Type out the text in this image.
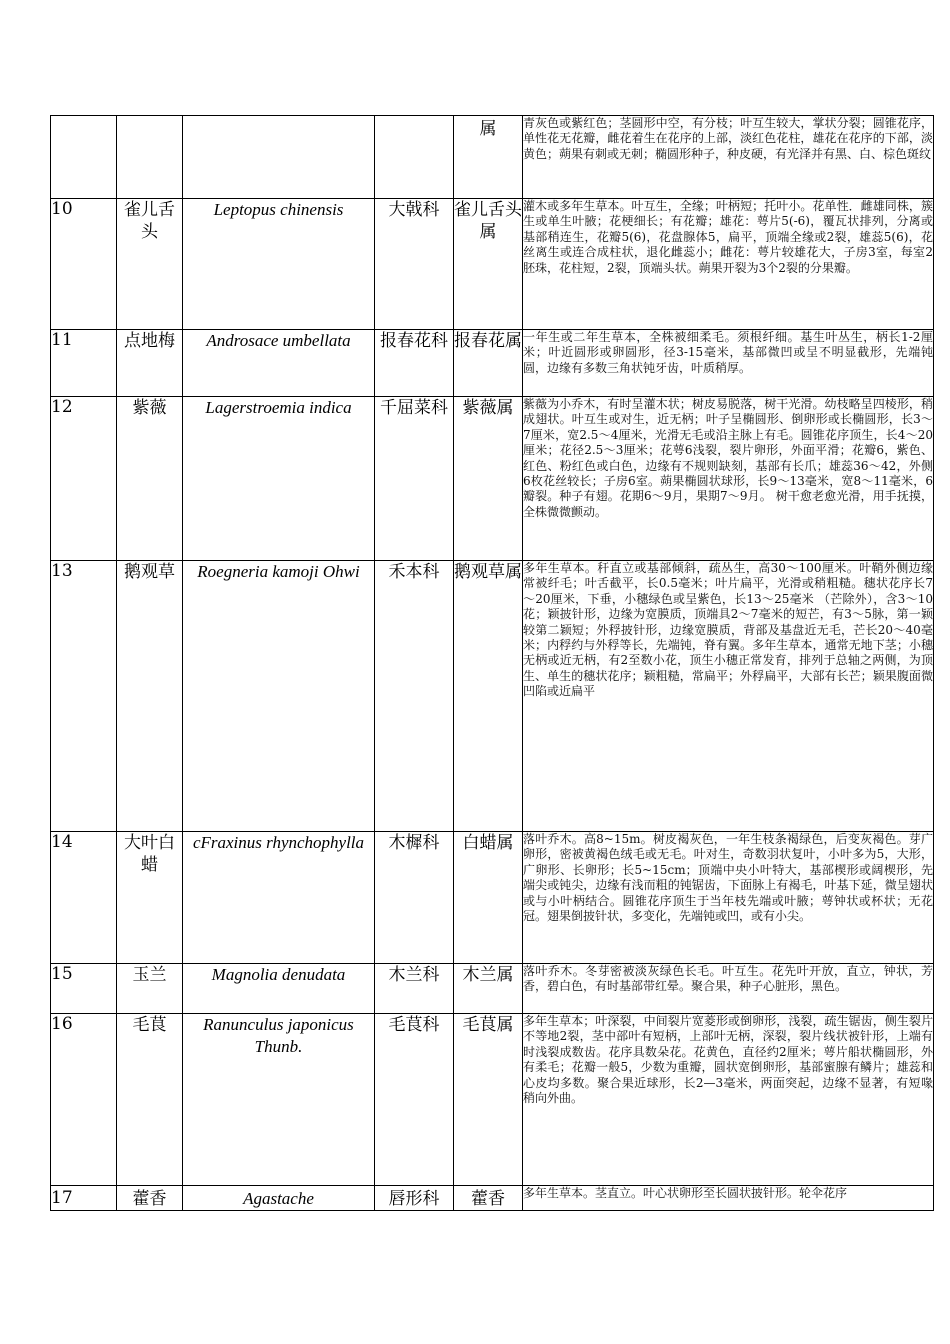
				属	青灰色或紫红色；茎圆形中空，有分枝；叶互生较大，掌状分裂；圆锥花序，单性花无花瓣，雌花着生在花序的上部，淡红色花柱，雄花在花序的下部，淡黄色；蒴果有刺或无刺；椭圆形种子，种皮硬，有光泽并有黑、白、棕色斑纹
10	雀儿舌头	Leptopus chinensis	大戟科	雀儿舌头属	灌木或多年生草本。叶互生，全缘；叶柄短；托叶小。花单性．雌雄同株，簇生或单生叶腋；花梗细长；有花瓣；雄花：萼片5(-6)，覆瓦状排列，分离或基部稍连生，花瓣5(6)，花盘腺体5，扁平，顶端全缘或2裂，雄蕊5(6)，花丝离生或连合成柱状，退化雌蕊小；雌花：萼片较雄花大，子房3室，每室2胚珠，花柱短，2裂，顶端头状。蒴果开裂为3个2裂的分果瓣。
11	点地梅	Androsace umbellata	报春花科	报春花属	一年生或二年生草本，全株被细柔毛。须根纤细。基生叶丛生，柄长1-2厘米；叶近圆形或卵圆形，径3-15毫米，基部微凹或呈不明显截形，先端钝圆，边缘有多数三角状钝牙齿，叶质稍厚。
12	紫薇	Lagerstroemia indica	千屈菜科	紫薇属	紫薇为小乔木，有时呈灌木状；树皮易脱落，树干光滑。幼枝略呈四棱形，稍成翅状。叶互生或对生，近无柄；叶子呈椭圆形、倒卵形或长椭圆形，长3～7厘米，宽2.5～4厘米，光滑无毛或沿主脉上有毛。圆锥花序顶生，长4～20厘米；花径2.5～3厘米；花萼6浅裂，裂片卵形，外面平滑；花瓣6，紫色、红色、粉红色或白色，边缘有不规则缺刻，基部有长爪；雄蕊36～42，外侧6枚花丝较长；子房6室。蒴果椭圆状球形，长9～13毫米，宽8～11毫米，6瓣裂。种子有翅。花期6～9月，果期7～9月。 树干愈老愈光滑，用手抚摸，全株微微颤动。
13	鹅观草	Roegneria kamoji Ohwi	禾本科	鹅观草属	多年生草本。秆直立或基部倾斜，疏丛生，高30～100厘米。叶鞘外侧边缘常被纤毛；叶舌截平，长0.5毫米；叶片扁平，光滑或稍粗糙。穗状花序长7～20厘米，下垂，小穗绿色或呈紫色，长13～25毫米 （芒除外），含3～10花；颖披针形，边缘为宽膜质，顶端具2～7毫米的短芒，有3～5脉，第一颖较第二颖短；外稃披针形，边缘宽膜质，背部及基盘近无毛，芒长20～40毫米；内稃约与外稃等长，先端钝，脊有翼。多年生草本，通常无地下茎；小穗无柄或近无柄，有2至数小花，顶生小穗正常发育，排列于总轴之两侧，为顶生、单生的穗状花序；颖粗糙，常扁平；外稃扁平，大部有长芒；颖果腹面微凹陷或近扁平
14	大叶白蜡	cFraxinus rhynchophylla	木樨科	白蜡属	落叶乔木。高8~15m。树皮褐灰色，一年生枝条褐绿色，后变灰褐色。芽广卵形，密被黄褐色绒毛或无毛。叶对生，奇数羽状复叶，小叶多为5，大形，广卵形、长卵形；长5~15cm；顶端中央小叶特大，基部楔形或阔楔形，先端尖或钝尖，边缘有浅而粗的钝锯齿，下面脉上有褐毛，叶基下延，微呈翅状或与小叶柄结合。圆锥花序顶生于当年枝先端或叶腋；萼钟状或杯状；无花冠。翅果倒披针状，多变化，先端钝或凹，或有小尖。
15	玉兰	Magnolia denudata	木兰科	木兰属	落叶乔木。冬芽密被淡灰绿色长毛。叶互生。花先叶开放，直立，钟状，芳香，碧白色，有时基部带红晕。聚合果，种子心脏形，黑色。
16	毛茛	Ranunculus japonicus Thunb.	毛茛科	毛茛属	多年生草本；叶深裂，中间裂片宽菱形或倒卵形，浅裂，疏生锯齿，侧生裂片不等地2裂，茎中部叶有短柄，上部叶无柄，深裂，裂片线状被针形，上端有时浅裂成数齿。花序具数朵花。花黄色，直径约2厘米；萼片船状椭圆形，外有柔毛；花瓣一般5，少数为重瓣，圆状宽倒卵形，基部蜜腺有鳞片；雄蕊和心皮均多数。聚合果近球形，长2—3毫米，两面突起，边缘不显著，有短喙稍向外曲。
17	藿香	Agastache	唇形科	藿香	多年生草本。茎直立。叶心状卵形至长圆状披针形。轮伞花序
